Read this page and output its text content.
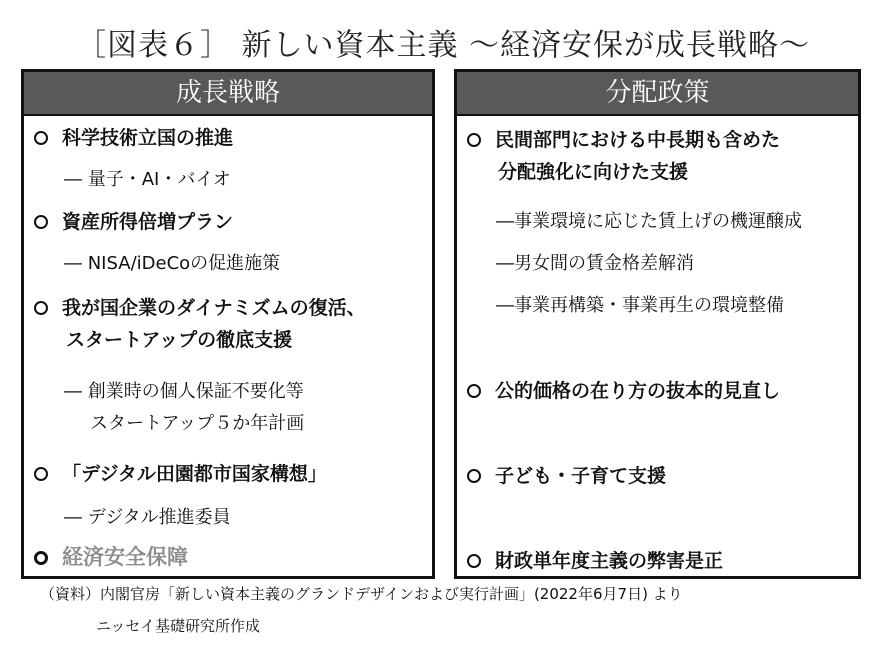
［図表６］ 新しい資本主義 ～経済安保が成長戦略～
成長戦略
科学技術立国の推進
― 量子・AI・バイオ
資産所得倍増プラン
― NISA/iDeCoの促進施策
我が国企業のダイナミズムの復活、
スタートアップの徹底支援
― 創業時の個人保証不要化等
スタートアップ５か年計画
「デジタル田園都市国家構想」
― デジタル推進委員
経済安全保障
分配政策
民間部門における中長期も含めた
分配強化に向けた支援
―事業環境に応じた賃上げの機運醸成
―男女間の賃金格差解消
―事業再構築・事業再生の環境整備
公的価格の在り方の抜本的見直し
子ども・子育て支援
財政単年度主義の弊害是正
（資料）内閣官房「新しい資本主義のグランドデザインおよび実行計画」(2022年6月7日) より
ニッセイ基礎研究所作成
